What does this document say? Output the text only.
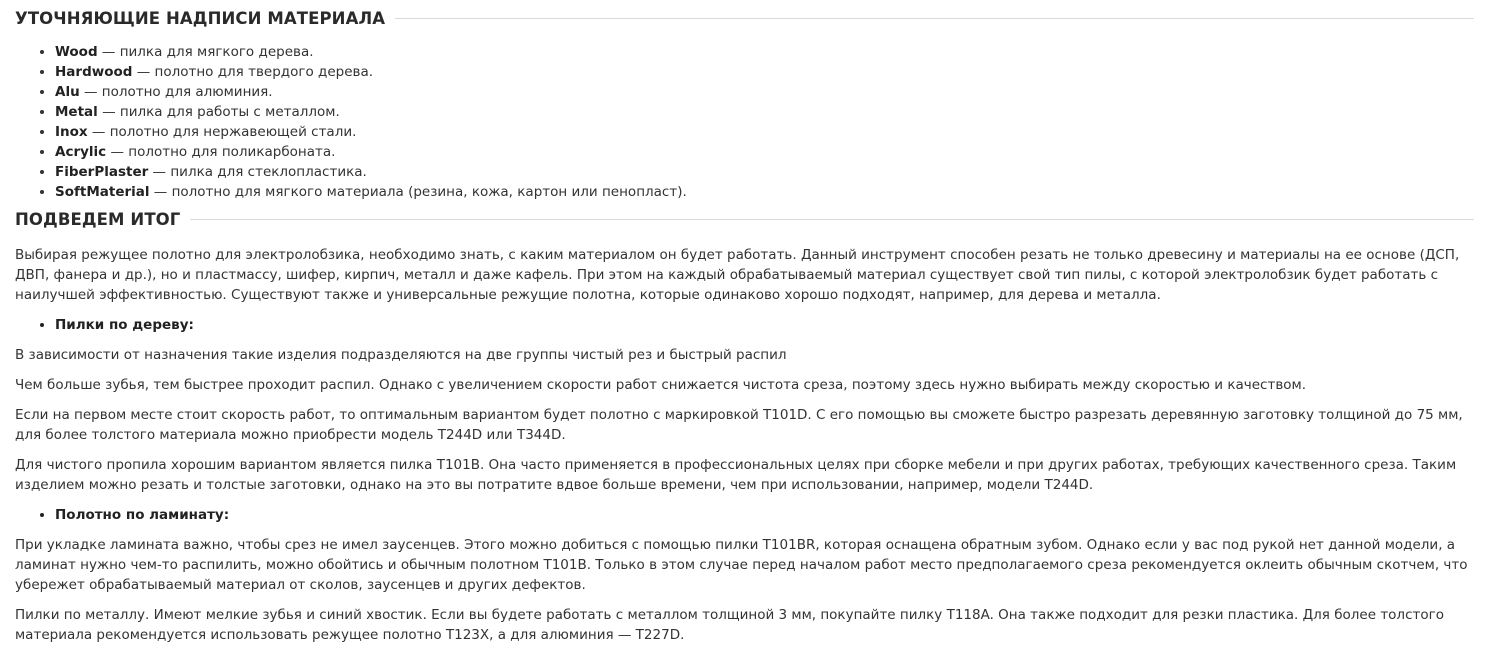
УТОЧНЯЮЩИЕ НАДПИСИ МАТЕРИАЛА
• Wood — пилка для мягкого дерева.
• Hardwood — полотно для твердого дерева.
• Alu — полотно для алюминия.
• Metal — пилка для работы с металлом.
• Inox — полотно для нержавеющей стали.
• Acrylic — полотно для поликарбоната.
• FiberPlaster — пилка для стеклопластика.
• SoftMaterial — полотно для мягкого материала (резина, кожа, картон или пенопласт).
ПОДВЕДЕМ ИТОГ

Выбирая режущее полотно для электролобзика, необходимо знать, с каким материалом он будет работать. Данный инструмент способен резать не только древесину и материалы на ее основе (ДСП, ДВП, фанера и др.), но и пластмассу, шифер, кирпич, металл и даже кафель. При этом на каждый обрабатываемый материал существует свой тип пилы, с которой электролобзик будет работать с наилучшей эффективностью. Существуют также и универсальные режущие полотна, которые одинаково хорошо подходят, например, для дерева и металла.

• Пилки по дереву:

В зависимости от назначения такие изделия подразделяются на две группы чистый рез и быстрый распил

Чем больше зубья, тем быстрее проходит распил. Однако с увеличением скорости работ снижается чистота среза, поэтому здесь нужно выбирать между скоростью и качеством.

Если на первом месте стоит скорость работ, то оптимальным вариантом будет полотно с маркировкой T101D. С его помощью вы сможете быстро разрезать деревянную заготовку толщиной до 75 мм, для более толстого материала можно приобрести модель T244D или T344D.

Для чистого пропила хорошим вариантом является пилка T101B. Она часто применяется в профессиональных целях при сборке мебели и при других работах, требующих качественного среза. Таким изделием можно резать и толстые заготовки, однако на это вы потратите вдвое больше времени, чем при использовании, например, модели T244D.

• Полотно по ламинату:

При укладке ламината важно, чтобы срез не имел заусенцев. Этого можно добиться с помощью пилки T101BR, которая оснащена обратным зубом. Однако если у вас под рукой нет данной модели, а ламинат нужно чем-то распилить, можно обойтись и обычным полотном T101B. Только в этом случае перед началом работ место предполагаемого среза рекомендуется оклеить обычным скотчем, что убережет обрабатываемый материал от сколов, заусенцев и других дефектов.

Пилки по металлу. Имеют мелкие зубья и синий хвостик. Если вы будете работать с металлом толщиной 3 мм, покупайте пилку T118A. Она также подходит для резки пластика. Для более толстого материала рекомендуется использовать режущее полотно T123X, а для алюминия — T227D.
